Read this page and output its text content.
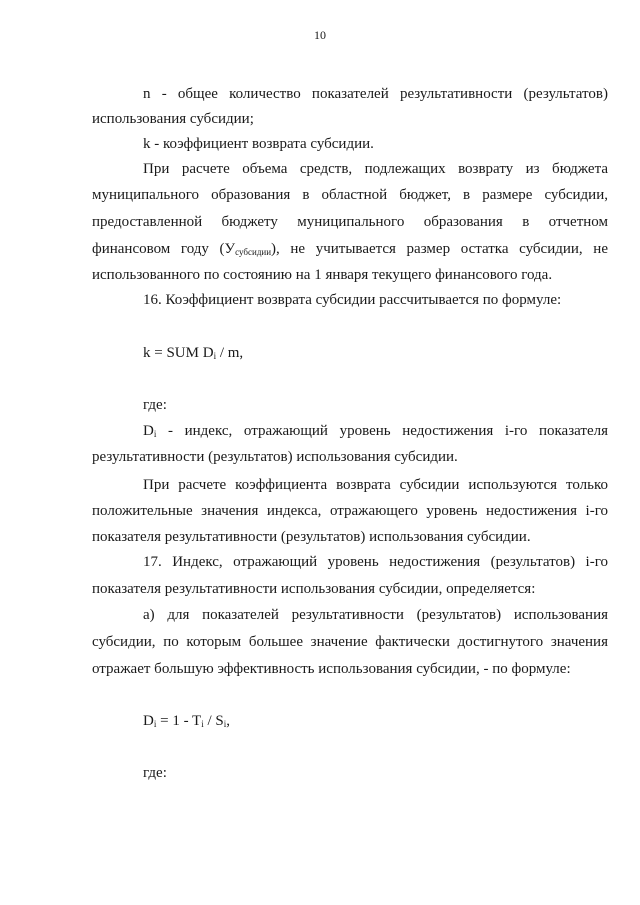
10
n - общее количество показателей результативности (результатов)
использования субсидии;
k - коэффициент возврата субсидии.
При расчете объема средств, подлежащих возврату из бюджета
муниципального образования в областной бюджет, в размере субсидии,
предоставленной бюджету муниципального образования в отчетном
финансовом году $(У_{субсидии})$, не учитывается размер остатка субсидии, не
использованного по состоянию на 1 января текущего финансового года.
16. Коэффициент возврата субсидии рассчитывается по формуле:
k = SUM $D_i$ / m,
где:
$D_i$ - индекс, отражающий уровень недостижения i-го показателя
результативности (результатов) использования субсидии.
При расчете коэффициента возврата субсидии используются только
положительные значения индекса, отражающего уровень недостижения i-го
показателя результативности (результатов) использования субсидии.
17. Индекс, отражающий уровень недостижения (результатов) i-го
показателя результативности использования субсидии, определяется:
а) для показателей результативности (результатов) использования
субсидии, по которым большее значение фактически достигнутого значения
отражает большую эффективность использования субсидии, - по формуле:
$D_i = 1 - T_i / S_i$,
где:
